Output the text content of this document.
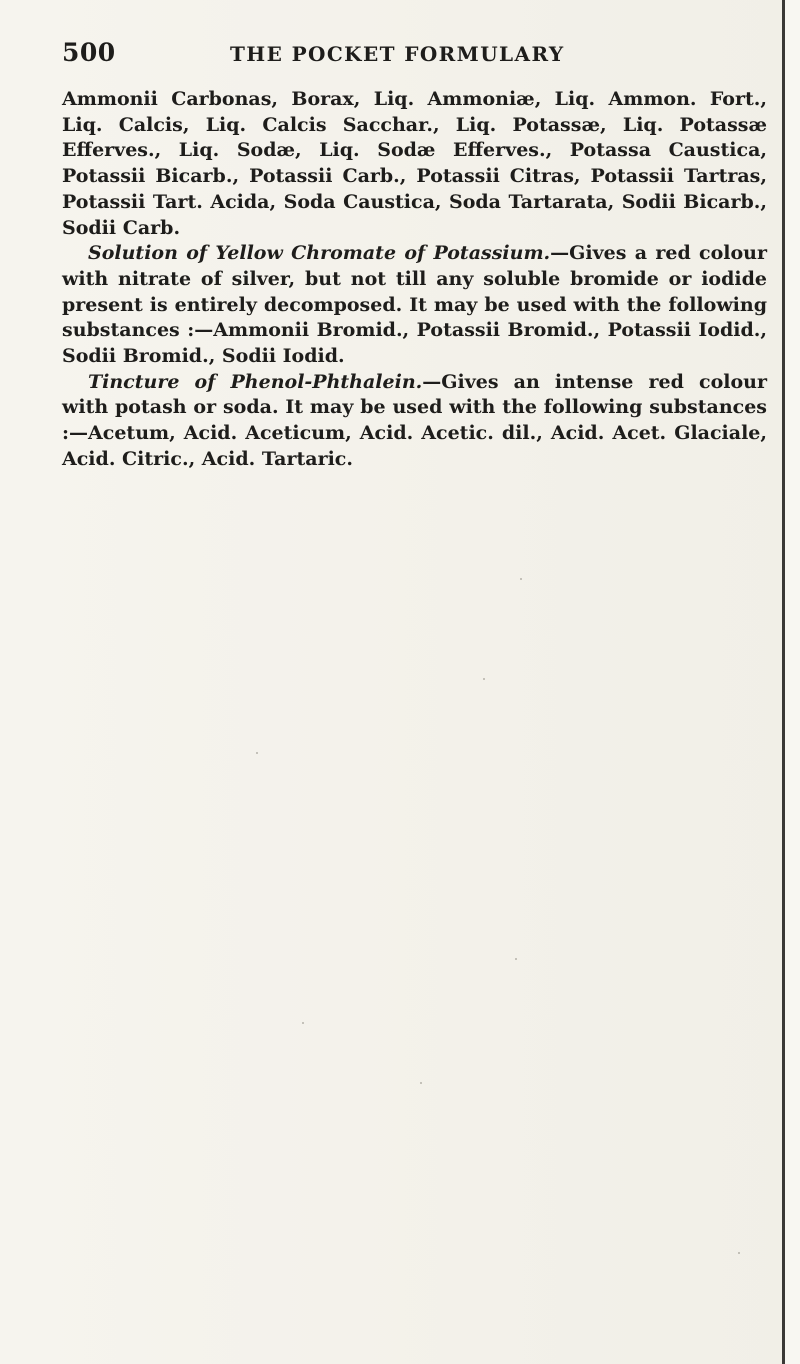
500	THE POCKET FORMULARY

Ammonii Carbonas, Borax, Liq. Ammoniæ, Liq. Ammon. Fort., Liq. Calcis, Liq. Calcis Sacchar., Liq. Potassæ, Liq. Potassæ Efferves., Liq. Sodæ, Liq. Sodæ Efferves., Potassa Caustica, Potassii Bicarb., Potassii Carb., Potassii Citras, Potassii Tartras, Potassii Tart. Acida, Soda Caustica, Soda Tartarata, Sodii Bicarb., Sodii Carb.

Solution of Yellow Chromate of Potassium.—Gives a red colour with nitrate of silver, but not till any soluble bromide or iodide present is entirely decomposed. It may be used with the following substances :—Ammonii Bromid., Potassii Bromid., Potassii Iodid., Sodii Bromid., Sodii Iodid.

Tincture of Phenol-Phthalein.—Gives an intense red colour with potash or soda. It may be used with the following substances :—Acetum, Acid. Aceticum, Acid. Acetic. dil., Acid. Acet. Glaciale, Acid. Citric., Acid. Tartaric.
